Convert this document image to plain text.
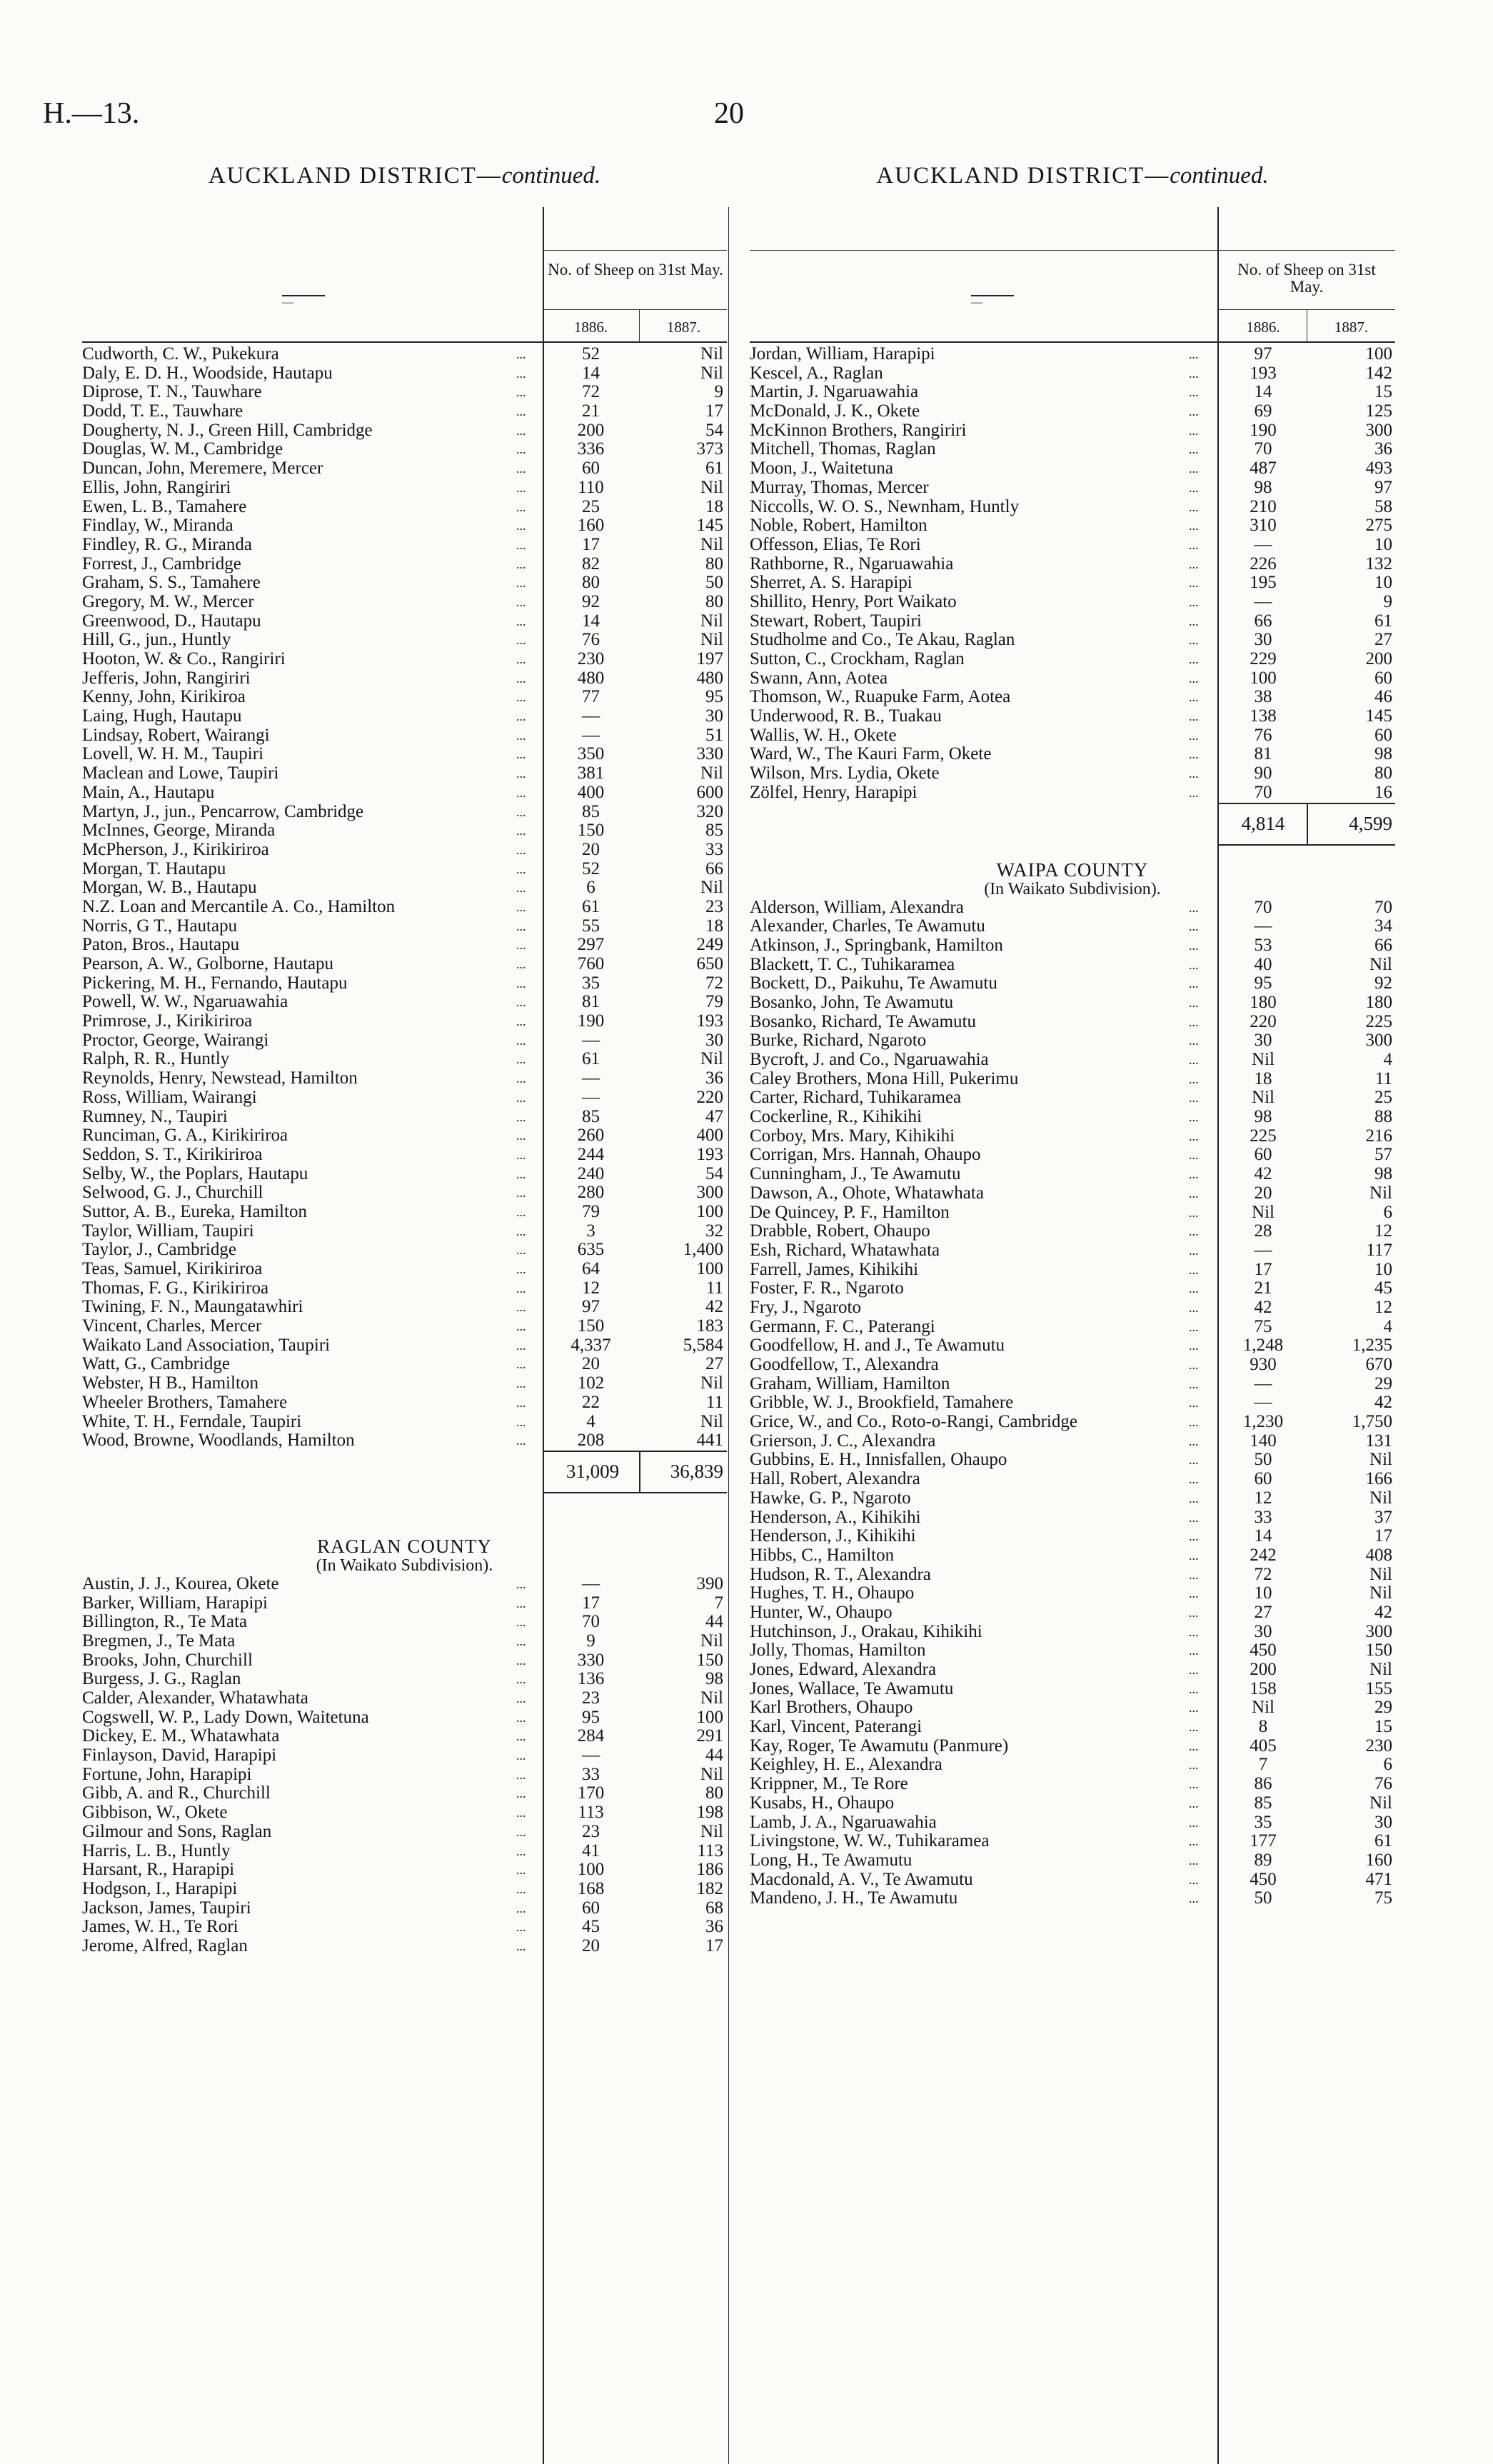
H.—13.	20
AUCKLAND DISTRICT—continued.
—
No. of Sheep on 31st May.
1886.	1887.
Cudworth, C. W., Pukekura	...	52	Nil
Daly, E. D. H., Woodside, Hautapu	...	14	Nil
Diprose, T. N., Tauwhare	...	72	9
Dodd, T. E., Tauwhare	...	21	17
Dougherty, N. J., Green Hill, Cambridge	...	200	54
Douglas, W. M., Cambridge	...	336	373
Duncan, John, Meremere, Mercer	...	60	61
Ellis, John, Rangiriri	...	110	Nil
Ewen, L. B., Tamahere	...	25	18
Findlay, W., Miranda	...	160	145
Findley, R. G., Miranda	...	17	Nil
Forrest, J., Cambridge	...	82	80
Graham, S. S., Tamahere	...	80	50
Gregory, M. W., Mercer	...	92	80
Greenwood, D., Hautapu	...	14	Nil
Hill, G., jun., Huntly	...	76	Nil
Hooton, W. & Co., Rangiriri	...	230	197
Jefferis, John, Rangiriri	...	480	480
Kenny, John, Kirikiroa	...	77	95
Laing, Hugh, Hautapu	...	—	30
Lindsay, Robert, Wairangi	...	—	51
Lovell, W. H. M., Taupiri	...	350	330
Maclean and Lowe, Taupiri	...	381	Nil
Main, A., Hautapu	...	400	600
Martyn, J., jun., Pencarrow, Cambridge	...	85	320
McInnes, George, Miranda	...	150	85
McPherson, J., Kirikiriroa	...	20	33
Morgan, T. Hautapu	...	52	66
Morgan, W. B., Hautapu	...	6	Nil
N.Z. Loan and Mercantile A. Co., Hamilton	...	61	23
Norris, G T., Hautapu	...	55	18
Paton, Bros., Hautapu	...	297	249
Pearson, A. W., Golborne, Hautapu	...	760	650
Pickering, M. H., Fernando, Hautapu	...	35	72
Powell, W. W., Ngaruawahia	...	81	79
Primrose, J., Kirikiriroa	...	190	193
Proctor, George, Wairangi	...	—	30
Ralph, R. R., Huntly	...	61	Nil
Reynolds, Henry, Newstead, Hamilton	...	—	36
Ross, William, Wairangi	...	—	220
Rumney, N., Taupiri	...	85	47
Runciman, G. A., Kirikiriroa	...	260	400
Seddon, S. T., Kirikiriroa	...	244	193
Selby, W., the Poplars, Hautapu	...	240	54
Selwood, G. J., Churchill	...	280	300
Suttor, A. B., Eureka, Hamilton	...	79	100
Taylor, William, Taupiri	...	3	32
Taylor, J., Cambridge	...	635	1,400
Teas, Samuel, Kirikiriroa	...	64	100
Thomas, F. G., Kirikiriroa	...	12	11
Twining, F. N., Maungatawhiri	...	97	42
Vincent, Charles, Mercer	...	150	183
Waikato Land Association, Taupiri	...	4,337	5,584
Watt, G., Cambridge	...	20	27
Webster, H B., Hamilton	...	102	Nil
Wheeler Brothers, Tamahere	...	22	11
White, T. H., Ferndale, Taupiri	...	4	Nil
Wood, Browne, Woodlands, Hamilton	...	208	441
31,009	36,839
RAGLAN COUNTY
(In Waikato Subdivision).
Austin, J. J., Kourea, Okete	...	—	390
Barker, William, Harapipi	...	17	7
Billington, R., Te Mata	...	70	44
Bregmen, J., Te Mata	...	9	Nil
Brooks, John, Churchill	...	330	150
Burgess, J. G., Raglan	...	136	98
Calder, Alexander, Whatawhata	...	23	Nil
Cogswell, W. P., Lady Down, Waitetuna	...	95	100
Dickey, E. M., Whatawhata	...	284	291
Finlayson, David, Harapipi	...	—	44
Fortune, John, Harapipi	...	33	Nil
Gibb, A. and R., Churchill	...	170	80
Gibbison, W., Okete	...	113	198
Gilmour and Sons, Raglan	...	23	Nil
Harris, L. B., Huntly	...	41	113
Harsant, R., Harapipi	...	100	186
Hodgson, I., Harapipi	...	168	182
Jackson, James, Taupiri	...	60	68
James, W. H., Te Rori	...	45	36
Jerome, Alfred, Raglan	...	20	17
AUCKLAND DISTRICT—continued.
—
No. of Sheep on 31st May.
1886.	1887.
Jordan, William, Harapipi	...	97	100
Kescel, A., Raglan	...	193	142
Martin, J. Ngaruawahia	...	14	15
McDonald, J. K., Okete	...	69	125
McKinnon Brothers, Rangiriri	...	190	300
Mitchell, Thomas, Raglan	...	70	36
Moon, J., Waitetuna	...	487	493
Murray, Thomas, Mercer	...	98	97
Niccolls, W. O. S., Newnham, Huntly	...	210	58
Noble, Robert, Hamilton	...	310	275
Offesson, Elias, Te Rori	...	—	10
Rathborne, R., Ngaruawahia	...	226	132
Sherret, A. S. Harapipi	...	195	10
Shillito, Henry, Port Waikato	...	—	9
Stewart, Robert, Taupiri	...	66	61
Studholme and Co., Te Akau, Raglan	...	30	27
Sutton, C., Crockham, Raglan	...	229	200
Swann, Ann, Aotea	...	100	60
Thomson, W., Ruapuke Farm, Aotea	...	38	46
Underwood, R. B., Tuakau	...	138	145
Wallis, W. H., Okete	...	76	60
Ward, W., The Kauri Farm, Okete	...	81	98
Wilson, Mrs. Lydia, Okete	...	90	80
Zölfel, Henry, Harapipi	...	70	16
4,814	4,599
WAIPA COUNTY
(In Waikato Subdivision).
Alderson, William, Alexandra	...	70	70
Alexander, Charles, Te Awamutu	...	—	34
Atkinson, J., Springbank, Hamilton	...	53	66
Blackett, T. C., Tuhikaramea	...	40	Nil
Bockett, D., Paikuhu, Te Awamutu	...	95	92
Bosanko, John, Te Awamutu	...	180	180
Bosanko, Richard, Te Awamutu	...	220	225
Burke, Richard, Ngaroto	...	30	300
Bycroft, J. and Co., Ngaruawahia	...	Nil	4
Caley Brothers, Mona Hill, Pukerimu	...	18	11
Carter, Richard, Tuhikaramea	...	Nil	25
Cockerline, R., Kihikihi	...	98	88
Corboy, Mrs. Mary, Kihikihi	...	225	216
Corrigan, Mrs. Hannah, Ohaupo	...	60	57
Cunningham, J., Te Awamutu	...	42	98
Dawson, A., Ohote, Whatawhata	...	20	Nil
De Quincey, P. F., Hamilton	...	Nil	6
Drabble, Robert, Ohaupo	...	28	12
Esh, Richard, Whatawhata	...	—	117
Farrell, James, Kihikihi	...	17	10
Foster, F. R., Ngaroto	...	21	45
Fry, J., Ngaroto	...	42	12
Germann, F. C., Paterangi	...	75	4
Goodfellow, H. and J., Te Awamutu	...	1,248	1,235
Goodfellow, T., Alexandra	...	930	670
Graham, William, Hamilton	...	—	29
Gribble, W. J., Brookfield, Tamahere	...	—	42
Grice, W., and Co., Roto-o-Rangi, Cambridge	...	1,230	1,750
Grierson, J. C., Alexandra	...	140	131
Gubbins, E. H., Innisfallen, Ohaupo	...	50	Nil
Hall, Robert, Alexandra	...	60	166
Hawke, G. P., Ngaroto	...	12	Nil
Henderson, A., Kihikihi	...	33	37
Henderson, J., Kihikihi	...	14	17
Hibbs, C., Hamilton	...	242	408
Hudson, R. T., Alexandra	...	72	Nil
Hughes, T. H., Ohaupo	...	10	Nil
Hunter, W., Ohaupo	...	27	42
Hutchinson, J., Orakau, Kihikihi	...	30	300
Jolly, Thomas, Hamilton	...	450	150
Jones, Edward, Alexandra	...	200	Nil
Jones, Wallace, Te Awamutu	...	158	155
Karl Brothers, Ohaupo	...	Nil	29
Karl, Vincent, Paterangi	...	8	15
Kay, Roger, Te Awamutu (Panmure)	...	405	230
Keighley, H. E., Alexandra	...	7	6
Krippner, M., Te Rore	...	86	76
Kusabs, H., Ohaupo	...	85	Nil
Lamb, J. A., Ngaruawahia	...	35	30
Livingstone, W. W., Tuhikaramea	...	177	61
Long, H., Te Awamutu	...	89	160
Macdonald, A. V., Te Awamutu	...	450	471
Mandeno, J. H., Te Awamutu	...	50	75
